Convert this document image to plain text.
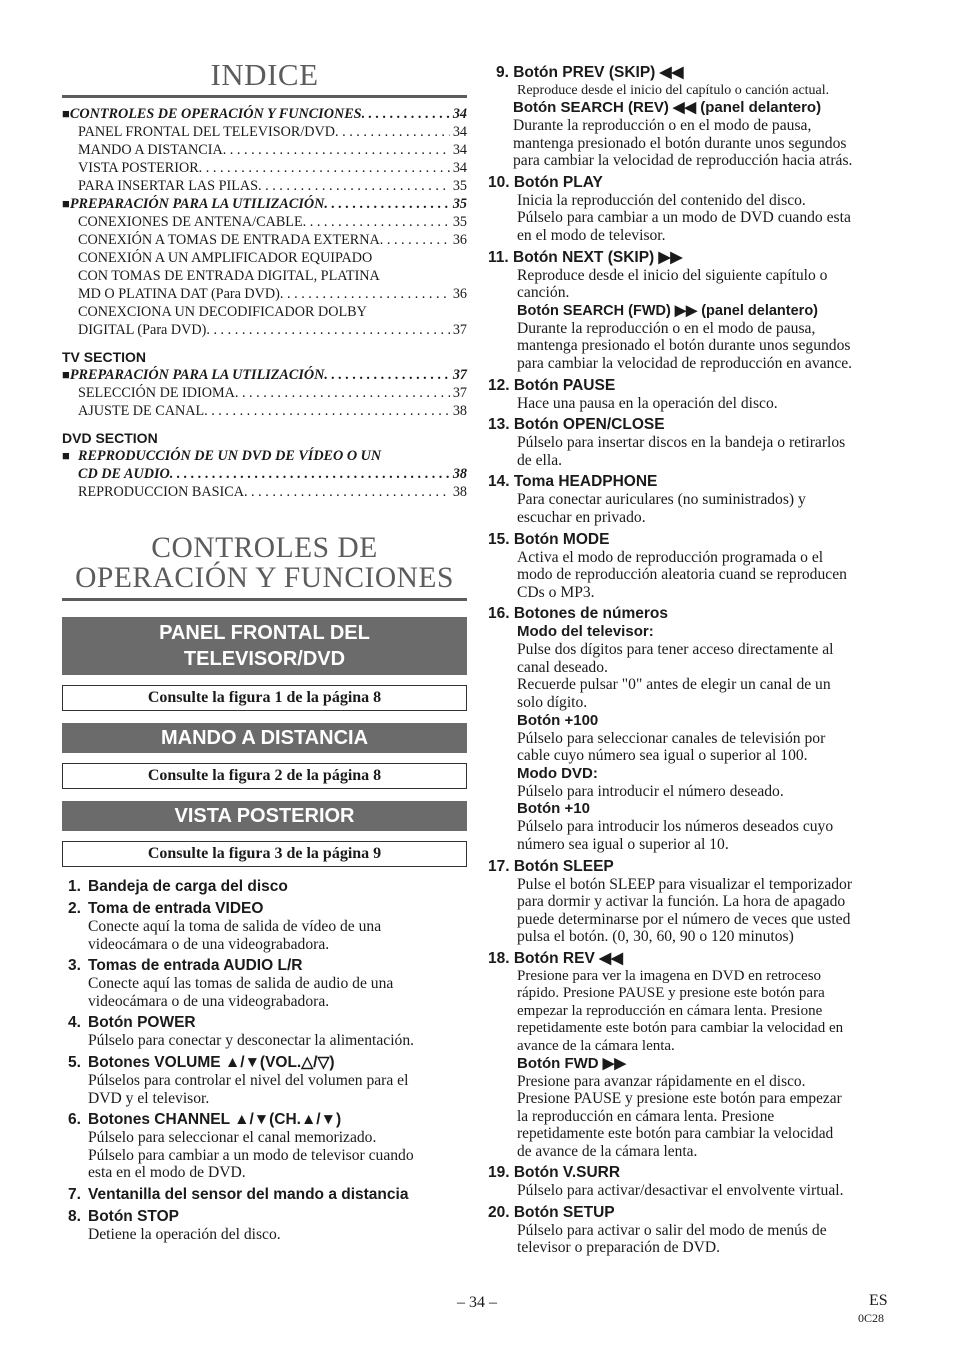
INDICE
■ CONTROLES DE OPERACIÓN Y FUNCIONES . . .	34
PANEL FRONTAL DEL TELEVISOR/DVD . . .	34
MANDO A DISTANCIA . . .	34
VISTA POSTERIOR . . .	34
PARA INSERTAR LAS PILAS . . .	35
■ PREPARACIÓN PARA LA UTILIZACIÓN . . .	35
CONEXIONES DE ANTENA/CABLE . . .	35
CONEXIÓN A TOMAS DE ENTRADA EXTERNA . . .	36
CONEXIÓN A UN AMPLIFICADOR EQUIPADO
CON TOMAS DE ENTRADA DIGITAL, PLATINA
MD O PLATINA DAT (Para DVD) . . .	36
CONEXCIONA UN DECODIFICADOR DOLBY
DIGITAL (Para DVD) . . .	37
TV SECTION
■ PREPARACIÓN PARA LA UTILIZACIÓN . . .	37
SELECCIÓN DE IDIOMA . . .	37
AJUSTE DE CANAL . . .	38
DVD SECTION
■ REPRODUCCIÓN DE UN DVD DE VÍDEO O UN
CD DE AUDIO . . .	38
REPRODUCCION BASICA . . .	38
CONTROLES DE
OPERACIÓN Y FUNCIONES
PANEL FRONTAL DEL
TELEVISOR/DVD
Consulte la figura 1 de la página 8
MANDO A DISTANCIA
Consulte la figura 2 de la página 8
VISTA POSTERIOR
Consulte la figura 3 de la página 9
1. Bandeja de carga del disco
2. Toma de entrada VIDEO
Conecte aquí la toma de salida de vídeo de una
videocámara o de una videograbadora.
3. Tomas de entrada AUDIO L/R
Conecte aquí las tomas de salida de audio de una
videocámara o de una videograbadora.
4. Botón POWER
Púlselo para conectar y desconectar la alimentación.
5. Botones VOLUME ▲/▼(VOL.△/▽)
Púlselos para controlar el nivel del volumen para el
DVD y el televisor.
6. Botones CHANNEL ▲/▼(CH.▲/▼)
Púlselo para seleccionar el canal memorizado.
Púlselo para cambiar a un modo de televisor cuando
esta en el modo de DVD.
7. Ventanilla del sensor del mando a distancia
8. Botón STOP
Detiene la operación del disco.
9. Botón PREV (SKIP) ◀◀
Reproduce desde el inicio del capítulo o canción actual.
Botón SEARCH (REV) ◀◀ (panel delantero)
Durante la reproducción o en el modo de pausa,
mantenga presionado el botón durante unos segundos
para cambiar la velocidad de reproducción hacia atrás.
10. Botón PLAY
Inicia la reproducción del contenido del disco.
Púlselo para cambiar a un modo de DVD cuando esta
en el modo de televisor.
11. Botón NEXT (SKIP) ▶▶
Reproduce desde el inicio del siguiente capítulo o
canción.
Botón SEARCH (FWD) ▶▶ (panel delantero)
Durante la reproducción o en el modo de pausa,
mantenga presionado el botón durante unos segundos
para cambiar la velocidad de reproducción en avance.
12. Botón PAUSE
Hace una pausa en la operación del disco.
13. Botón OPEN/CLOSE
Púlselo para insertar discos en la bandeja o retirarlos
de ella.
14. Toma HEADPHONE
Para conectar auriculares (no suministrados) y
escuchar en privado.
15. Botón MODE
Activa el modo de reproducción programada o el
modo de reproducción aleatoria cuand se reproducen
CDs o MP3.
16. Botones de números
Modo del televisor:
Pulse dos dígitos para tener acceso directamente al
canal deseado.
Recuerde pulsar "0" antes de elegir un canal de un
solo dígito.
Botón +100
Púlselo para seleccionar canales de televisión por
cable cuyo número sea igual o superior al 100.
Modo DVD:
Púlselo para introducir el número deseado.
Botón +10
Púlselo para introducir los números deseados cuyo
número sea igual o superior al 10.
17. Botón SLEEP
Pulse el botón SLEEP para visualizar el temporizador
para dormir y activar la función. La hora de apagado
puede determinarse por el número de veces que usted
pulsa el botón. (0, 30, 60, 90 o 120 minutos)
18. Botón REV ◀◀
Presione para ver la imagena en DVD en retroceso
rápido. Presione PAUSE y presione este botón para
empezar la reproducción en cámara lenta. Presione
repetidamente este botón para cambiar la velocidad en
avance de la cámara lenta.
Botón FWD ▶▶
Presione para avanzar rápidamente en el disco.
Presione PAUSE y presione este botón para empezar
la reproducción en cámara lenta. Presione
repetidamente este botón para cambiar la velocidad
de avance de la cámara lenta.
19. Botón V.SURR
Púlselo para activar/desactivar el envolvente virtual.
20. Botón SETUP
Púlselo para activar o salir del modo de menús de
televisor o preparación de DVD.
– 34 –	ES
0C28
